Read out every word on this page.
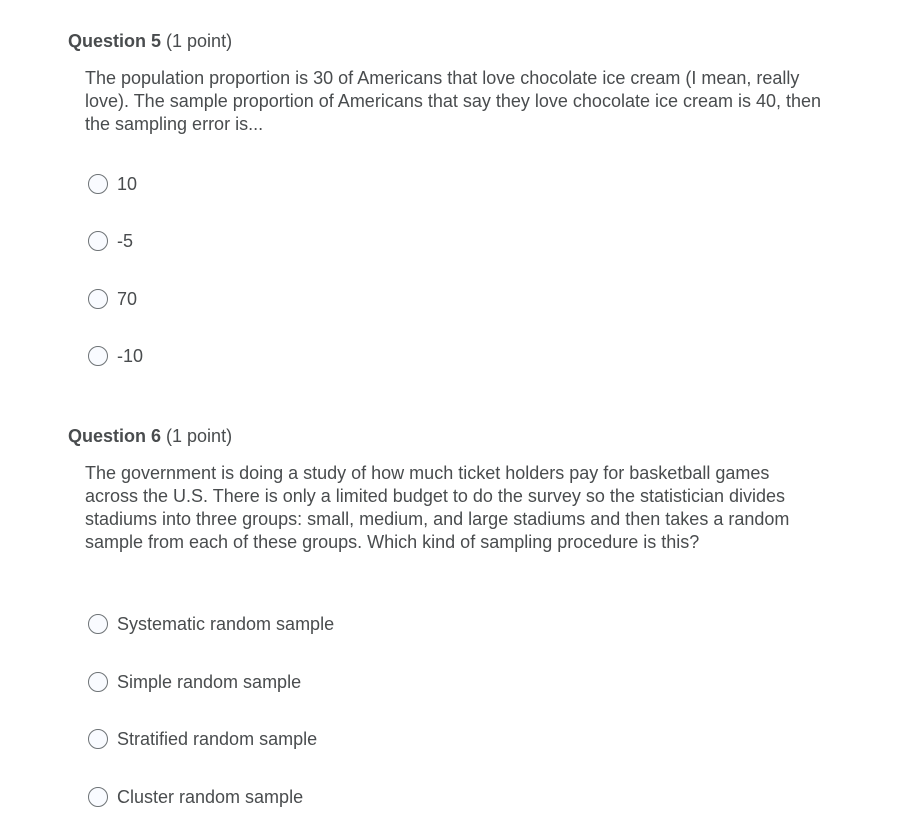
Question 5 (1 point)
The population proportion is 30 of Americans that love chocolate ice cream (I mean, really love). The sample proportion of Americans that say they love chocolate ice cream is 40, then the sampling error is...
10
-5
70
-10
Question 6 (1 point)
The government is doing a study of how much ticket holders pay for basketball games across the U.S. There is only a limited budget to do the survey so the statistician divides stadiums into three groups: small, medium, and large stadiums and then takes a random sample from each of these groups. Which kind of sampling procedure is this?
Systematic random sample
Simple random sample
Stratified random sample
Cluster random sample
